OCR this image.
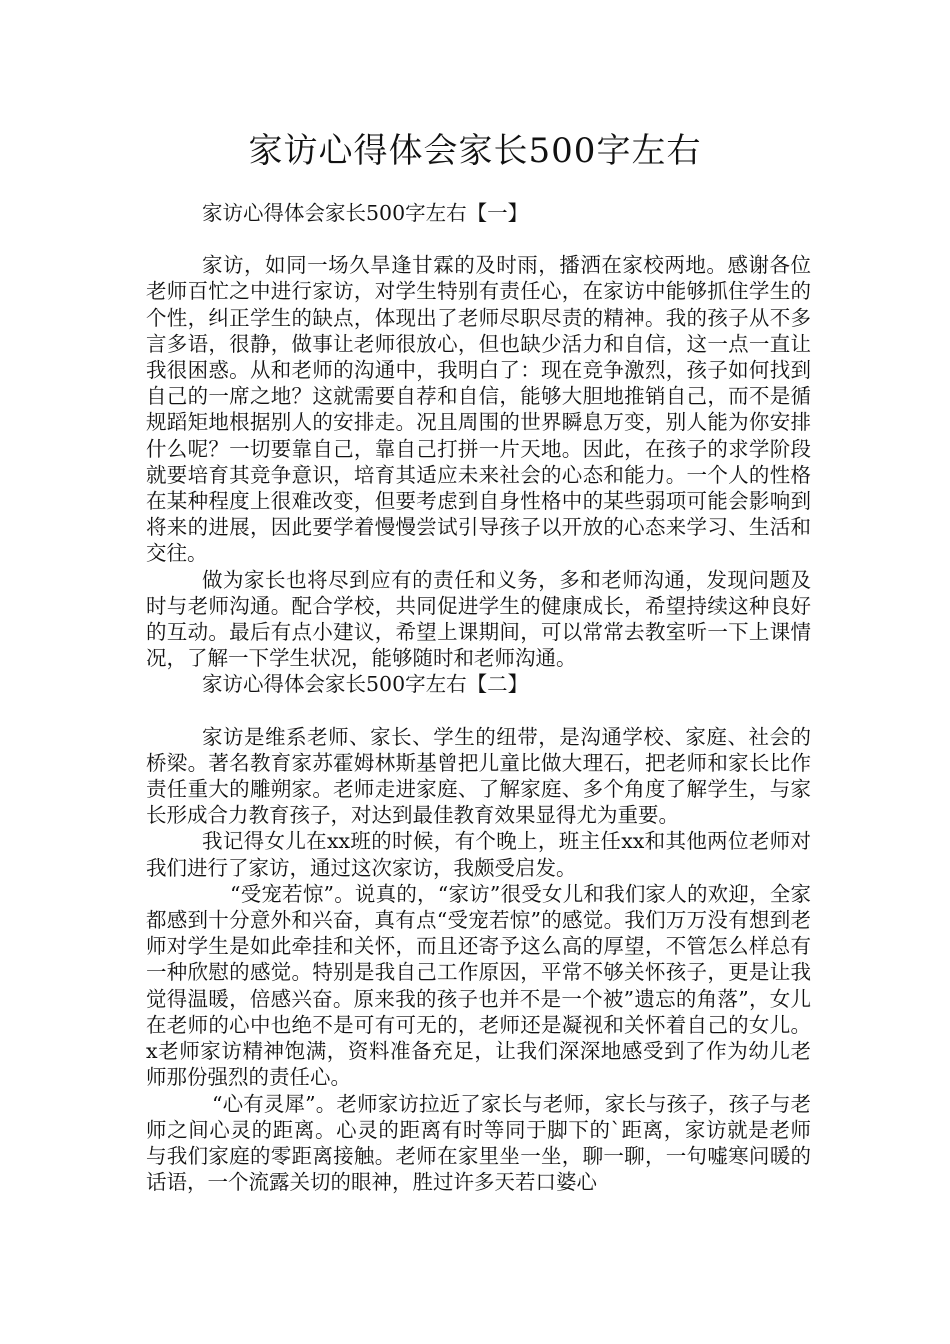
家访心得体会家长500字左右
家访心得体会家长500字左右【一】

家访，如同一场久旱逢甘霖的及时雨，播洒在家校两地。感谢各位老师百忙之中进行家访，对学生特别有责任心，在家访中能够抓住学生的个性，纠正学生的缺点，体现出了老师尽职尽责的精神。我的孩子从不多言多语，很静，做事让老师很放心，但也缺少活力和自信，这一点一直让我很困惑。从和老师的沟通中，我明白了：现在竞争激烈，孩子如何找到自己的一席之地？这就需要自荐和自信，能够大胆地推销自己，而不是循规蹈矩地根据别人的安排走。况且周围的世界瞬息万变，别人能为你安排什么呢？一切要靠自己，靠自己打拼一片天地。因此，在孩子的求学阶段就要培育其竞争意识，培育其适应未来社会的心态和能力。一个人的性格在某种程度上很难改变，但要考虑到自身性格中的某些弱项可能会影响到将来的进展，因此要学着慢慢尝试引导孩子以开放的心态来学习、生活和交往。

做为家长也将尽到应有的责任和义务，多和老师沟通，发现问题及时与老师沟通。配合学校，共同促进学生的健康成长，希望持续这种良好的互动。最后有点小建议，希望上课期间，可以常常去教室听一下上课情况，了解一下学生状况，能够随时和老师沟通。

家访心得体会家长500字左右【二】

家访是维系老师、家长、学生的纽带，是沟通学校、家庭、社会的桥梁。著名教育家苏霍姆林斯基曾把儿童比做大理石，把老师和家长比作责任重大的雕朔家。老师走进家庭、了解家庭、多个角度了解学生，与家长形成合力教育孩子，对达到最佳教育效果显得尤为重要。

我记得女儿在xx班的时候，有个晚上，班主任xx和其他两位老师对我们进行了家访，通过这次家访，我颇受启发。

“受宠若惊”。说真的，“家访”很受女儿和我们家人的欢迎，全家都感到十分意外和兴奋，真有点“受宠若惊”的感觉。我们万万没有想到老师对学生是如此牵挂和关怀，而且还寄予这么高的厚望，不管怎么样总有一种欣慰的感觉。特别是我自己工作原因，平常不够关怀孩子，更是让我觉得温暖，倍感兴奋。原来我的孩子也并不是一个被”遗忘的角落”，女儿在老师的心中也绝不是可有可无的，老师还是凝视和关怀着自己的女儿。x老师家访精神饱满，资料准备充足，让我们深深地感受到了作为幼儿老师那份强烈的责任心。

“心有灵犀”。老师家访拉近了家长与老师，家长与孩子，孩子与老师之间心灵的距离。心灵的距离有时等同于脚下的`距离，家访就是老师与我们家庭的零距离接触。老师在家里坐一坐，聊一聊，一句嘘寒问暖的话语，一个流露关切的眼神，胜过许多天若口婆心
